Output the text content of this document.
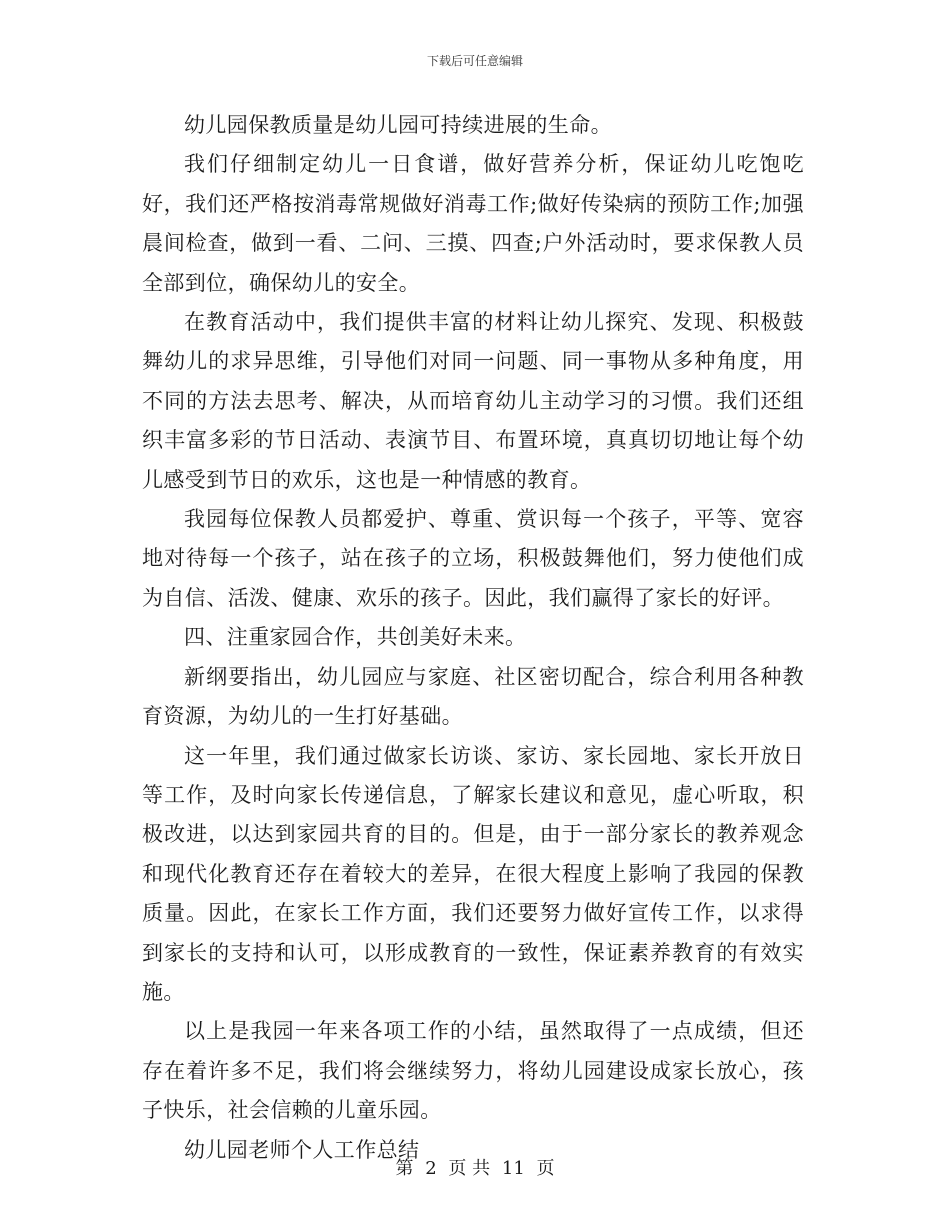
下载后可任意编辑

幼儿园保教质量是幼儿园可持续进展的生命。

我们仔细制定幼儿一日食谱，做好营养分析，保证幼儿吃饱吃好，我们还严格按消毒常规做好消毒工作;做好传染病的预防工作;加强晨间检查，做到一看、二问、三摸、四查;户外活动时，要求保教人员全部到位，确保幼儿的安全。

在教育活动中，我们提供丰富的材料让幼儿探究、发现、积极鼓舞幼儿的求异思维，引导他们对同一问题、同一事物从多种角度，用不同的方法去思考、解决，从而培育幼儿主动学习的习惯。我们还组织丰富多彩的节日活动、表演节目、布置环境，真真切切地让每个幼儿感受到节日的欢乐，这也是一种情感的教育。

我园每位保教人员都爱护、尊重、赏识每一个孩子，平等、宽容地对待每一个孩子，站在孩子的立场，积极鼓舞他们，努力使他们成为自信、活泼、健康、欢乐的孩子。因此，我们赢得了家长的好评。

四、注重家园合作，共创美好未来。

新纲要指出，幼儿园应与家庭、社区密切配合，综合利用各种教育资源，为幼儿的一生打好基础。

这一年里，我们通过做家长访谈、家访、家长园地、家长开放日等工作，及时向家长传递信息，了解家长建议和意见，虚心听取，积极改进，以达到家园共育的目的。但是，由于一部分家长的教养观念和现代化教育还存在着较大的差异，在很大程度上影响了我园的保教质量。因此，在家长工作方面，我们还要努力做好宣传工作，以求得到家长的支持和认可，以形成教育的一致性，保证素养教育的有效实施。

以上是我园一年来各项工作的小结，虽然取得了一点成绩，但还存在着许多不足，我们将会继续努力，将幼儿园建设成家长放心，孩子快乐，社会信赖的儿童乐园。

幼儿园老师个人工作总结

第 2 页 共 11 页
